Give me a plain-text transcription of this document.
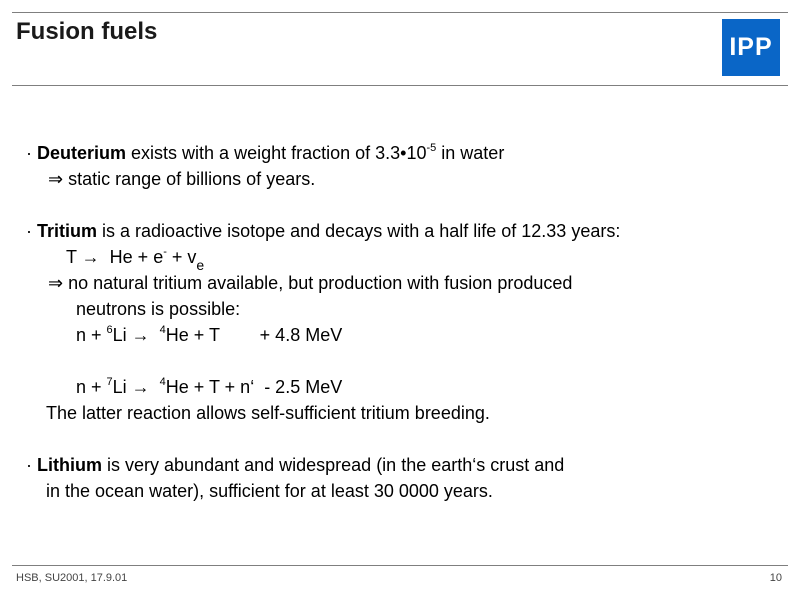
Fusion fuels
IPP
· Deuterium exists with a weight fraction of $3.3•10^{-5}$ in water
⇒ static range of billions of years.
· Tritium is a radioactive isotope and decays with a half life of 12.33 years:
$T \to He + e^- + v_e$
⇒ no natural tritium available, but production with fusion produced
neutrons is possible:
n + $^6$Li →  $^4$He + T        + 4.8 MeV
n + $^7$Li →  $^4$He + T + n‘  - 2.5 MeV
The latter reaction allows self-sufficient tritium breeding.
· Lithium is very abundant and widespread (in the earth‘s crust and
in the ocean water), sufficient for at least 30 0000 years.
HSB, SU2001, 17.9.01	10
